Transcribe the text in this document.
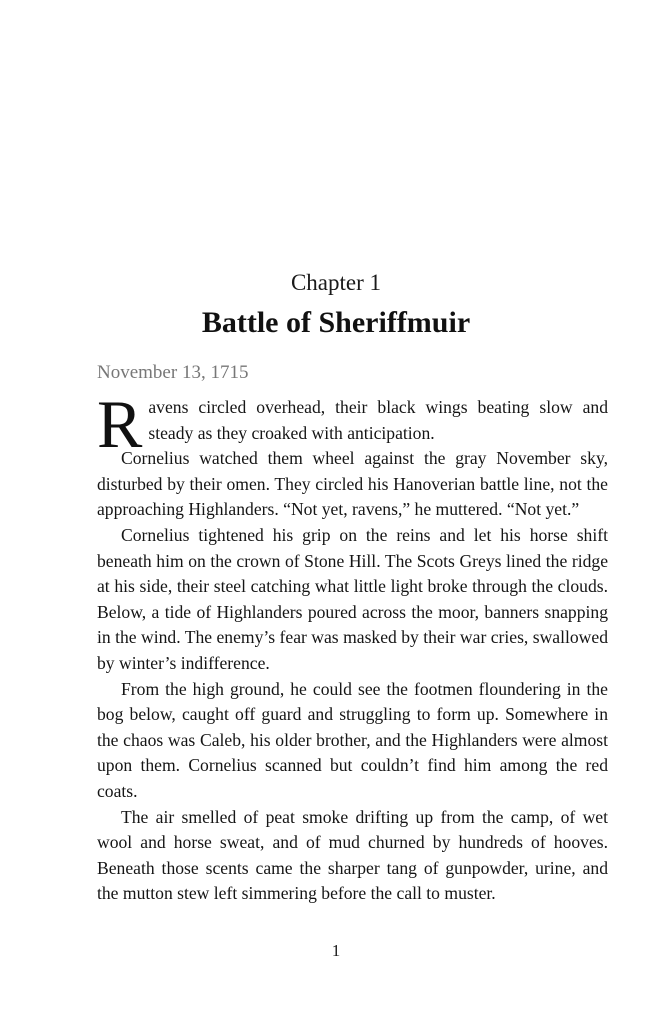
Chapter 1
Battle of Sheriffmuir
November 13, 1715

Ravens circled overhead, their black wings beating slow and steady as they croaked with anticipation.

Cornelius watched them wheel against the gray November sky, disturbed by their omen. They circled his Hanoverian battle line, not the approaching Highlanders. “Not yet, ravens,” he muttered. “Not yet.”

Cornelius tightened his grip on the reins and let his horse shift beneath him on the crown of Stone Hill. The Scots Greys lined the ridge at his side, their steel catching what little light broke through the clouds. Below, a tide of Highlanders poured across the moor, banners snapping in the wind. The enemy’s fear was masked by their war cries, swallowed by winter’s indifference.

From the high ground, he could see the footmen floundering in the bog below, caught off guard and struggling to form up. Somewhere in the chaos was Caleb, his older brother, and the Highlanders were almost upon them. Cornelius scanned but couldn’t find him among the red coats.

The air smelled of peat smoke drifting up from the camp, of wet wool and horse sweat, and of mud churned by hundreds of hooves. Beneath those scents came the sharper tang of gunpowder, urine, and the mutton stew left simmering before the call to muster.

1
